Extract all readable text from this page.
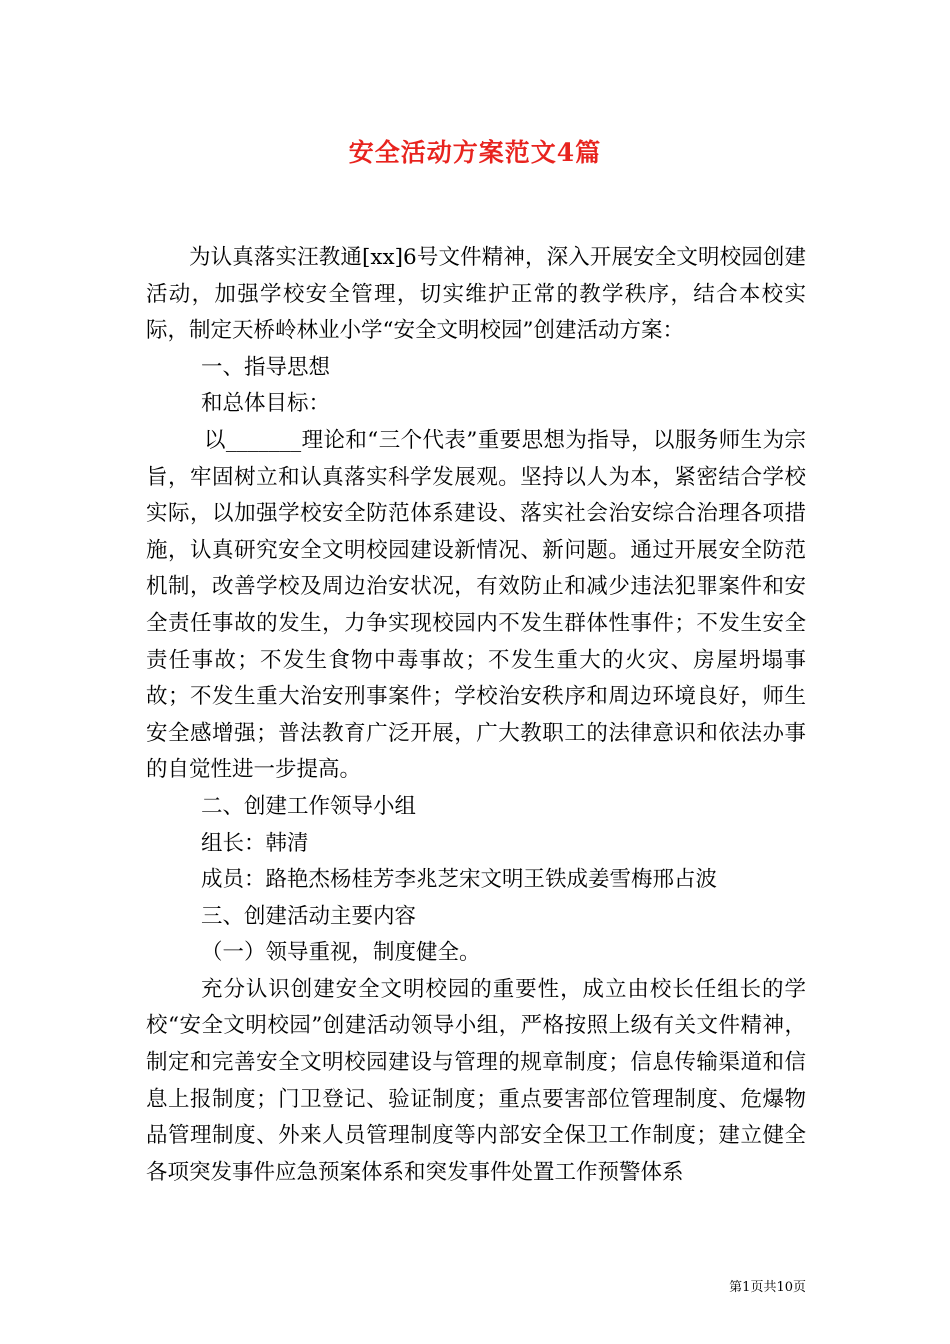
安全活动方案范文4篇

为认真落实汪教通[xx]6号文件精神，深入开展安全文明校园创建活动，加强学校安全管理，切实维护正常的教学秩序，结合本校实际，制定天桥岭林业小学“安全文明校园”创建活动方案：

一、指导思想

和总体目标：

以_______理论和“三个代表”重要思想为指导，以服务师生为宗旨，牢固树立和认真落实科学发展观。坚持以人为本，紧密结合学校实际，以加强学校安全防范体系建设、落实社会治安综合治理各项措施，认真研究安全文明校园建设新情况、新问题。通过开展安全防范机制，改善学校及周边治安状况，有效防止和减少违法犯罪案件和安全责任事故的发生，力争实现校园内不发生群体性事件；不发生安全责任事故；不发生食物中毒事故；不发生重大的火灾、房屋坍塌事故；不发生重大治安刑事案件；学校治安秩序和周边环境良好，师生安全感增强；普法教育广泛开展，广大教职工的法律意识和依法办事的自觉性进一步提高。

二、创建工作领导小组

组长：韩清

成员：路艳杰杨桂芳李兆芝宋文明王铁成姜雪梅邢占波

三、创建活动主要内容

（一）领导重视，制度健全。

充分认识创建安全文明校园的重要性，成立由校长任组长的学校“安全文明校园”创建活动领导小组，严格按照上级有关文件精神，制定和完善安全文明校园建设与管理的规章制度；信息传输渠道和信息上报制度；门卫登记、验证制度；重点要害部位管理制度、危爆物品管理制度、外来人员管理制度等内部安全保卫工作制度；建立健全各项突发事件应急预案体系和突发事件处置工作预警体系

第1页共10页
